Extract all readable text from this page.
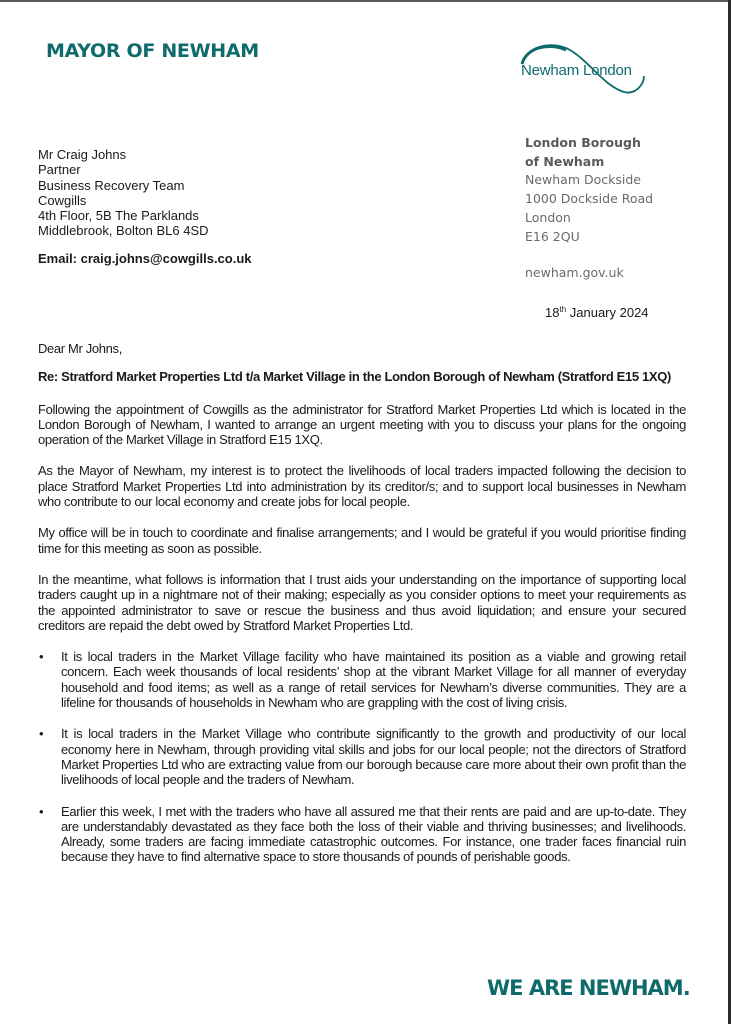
MAYOR OF NEWHAM
Newham London
Mr Craig Johns
Partner
Business Recovery Team
Cowgills
4th Floor, 5B The Parklands
Middlebrook, Bolton BL6 4SD
Email: craig.johns@cowgills.co.uk
London Borough
of Newham
Newham Dockside
1000 Dockside Road
London
E16 2QU
newham.gov.uk
18th January 2024

Dear Mr Johns,

Re: Stratford Market Properties Ltd t/a Market Village in the London Borough of Newham (Stratford E15 1XQ)

Following the appointment of Cowgills as the administrator for Stratford Market Properties Ltd which is located in the London Borough of Newham, I wanted to arrange an urgent meeting with you to discuss your plans for the ongoing operation of the Market Village in Stratford E15 1XQ.

As the Mayor of Newham, my interest is to protect the livelihoods of local traders impacted following the decision to place Stratford Market Properties Ltd into administration by its creditor/s; and to support local businesses in Newham who contribute to our local economy and create jobs for local people.

My office will be in touch to coordinate and finalise arrangements; and I would be grateful if you would prioritise finding time for this meeting as soon as possible.

In the meantime, what follows is information that I trust aids your understanding on the importance of supporting local traders caught up in a nightmare not of their making; especially as you consider options to meet your requirements as the appointed administrator to save or rescue the business and thus avoid liquidation; and ensure your secured creditors are repaid the debt owed by Stratford Market Properties Ltd.

• It is local traders in the Market Village facility who have maintained its position as a viable and growing retail concern. Each week thousands of local residents’ shop at the vibrant Market Village for all manner of everyday household and food items; as well as a range of retail services for Newham’s diverse communities. They are a lifeline for thousands of households in Newham who are grappling with the cost of living crisis.
• It is local traders in the Market Village who contribute significantly to the growth and productivity of our local economy here in Newham, through providing vital skills and jobs for our local people; not the directors of Stratford Market Properties Ltd who are extracting value from our borough because care more about their own profit than the livelihoods of local people and the traders of Newham.
• Earlier this week, I met with the traders who have all assured me that their rents are paid and are up-to-date. They are understandably devastated as they face both the loss of their viable and thriving businesses; and livelihoods. Already, some traders are facing immediate catastrophic outcomes. For instance, one trader faces financial ruin because they have to find alternative space to store thousands of pounds of perishable goods.
WE ARE NEWHAM.
